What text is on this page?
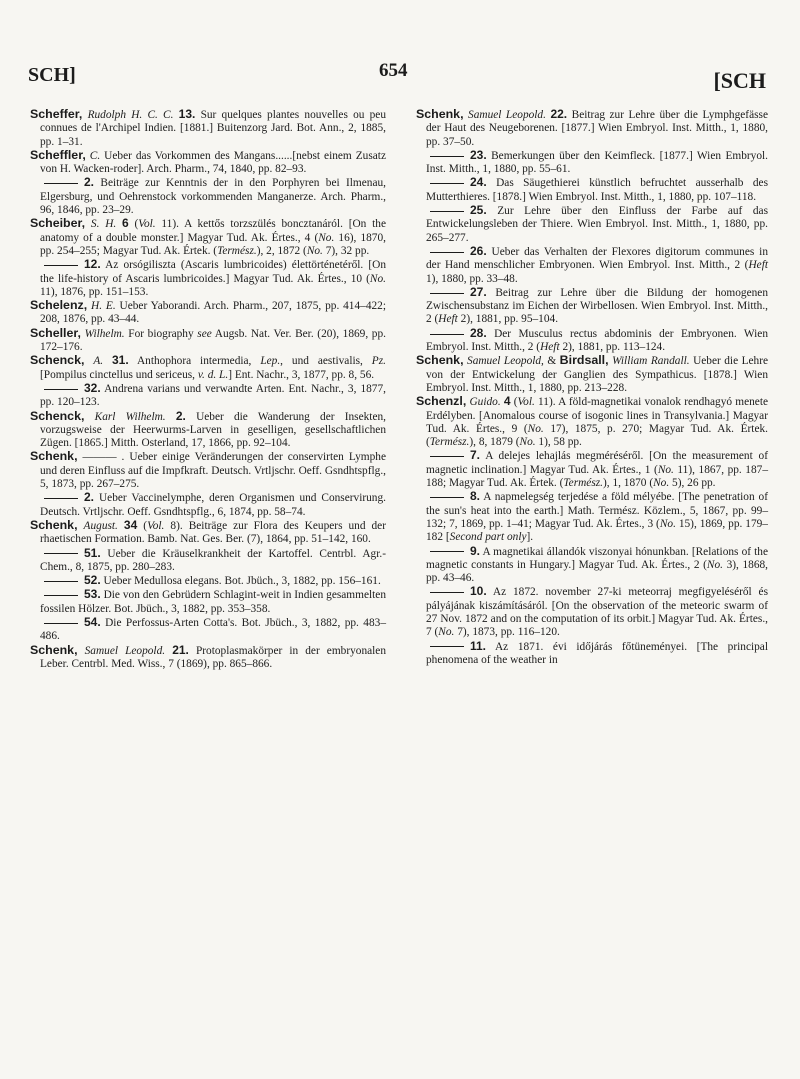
SCH]	654	[SCH

Scheffer, Rudolph H. C. C. 13. Sur quelques plantes nouvelles ou peu connues de l'Archipel Indien. [1881.] Buitenzorg Jard. Bot. Ann., 2, 1885, pp. 1–31.

Scheffler, C. Ueber das Vorkommen des Mangans......[nebst einem Zusatz von H. Wacken-roder]. Arch. Pharm., 74, 1840, pp. 82–93.

2. Beiträge zur Kenntnis der in den Porphyren bei Ilmenau, Elgersburg, und Oehrenstock vorkommenden Manganerze. Arch. Pharm., 96, 1846, pp. 23–29.

Scheiber, S. H. 6 (Vol. 11). A kettős torzszülés boncztanáról. [On the anatomy of a double monster.] Magyar Tud. Ak. Értes., 4 (No. 16), 1870, pp. 254–255; Magyar Tud. Ak. Értek. (Termész.), 2, 1872 (No. 7), 32 pp.

12. Az orsógiliszta (Ascaris lumbricoides) élettörténetéről. [On the life-history of Ascaris lumbricoides.] Magyar Tud. Ak. Értes., 10 (No. 11), 1876, pp. 151–153.

Schelenz, H. E. Ueber Yaborandi. Arch. Pharm., 207, 1875, pp. 414–422; 208, 1876, pp. 43–44.

Scheller, Wilhelm. For biography see Augsb. Nat. Ver. Ber. (20), 1869, pp. 172–176.

Schenck, A. 31. Anthophora intermedia, Lep., und aestivalis, Pz. [Pompilus cinctellus und sericeus, v. d. L.] Ent. Nachr., 3, 1877, pp. 8, 56.

32. Andrena varians und verwandte Arten. Ent. Nachr., 3, 1877, pp. 120–123.

Schenck, Karl Wilhelm. 2. Ueber die Wanderung der Insekten, vorzugsweise der Heerwurms-Larven in geselligen, gesellschaftlichen Zügen. [1865.] Mitth. Osterland, 17, 1866, pp. 92–104.

Schenk, ——— . Ueber einige Veränderungen der conservirten Lymphe und deren Einfluss auf die Impfkraft. Deutsch. Vrtljschr. Oeff. Gsndhtspflg., 5, 1873, pp. 267–275.

2. Ueber Vaccinelymphe, deren Organismen und Conservirung. Deutsch. Vrtljschr. Oeff. Gsndhtspflg., 6, 1874, pp. 58–74.

Schenk, August. 34 (Vol. 8). Beiträge zur Flora des Keupers und der rhaetischen Formation. Bamb. Nat. Ges. Ber. (7), 1864, pp. 51–142, 160.

51. Ueber die Kräuselkrankheit der Kartoffel. Centrbl. Agr.-Chem., 8, 1875, pp. 280–283.

52. Ueber Medullosa elegans. Bot. Jbüch., 3, 1882, pp. 156–161.

53. Die von den Gebrüdern Schlagint-weit in Indien gesammelten fossilen Hölzer. Bot. Jbüch., 3, 1882, pp. 353–358.

54. Die Perfossus-Arten Cotta's. Bot. Jbüch., 3, 1882, pp. 483–486.

Schenk, Samuel Leopold. 21. Protoplasmakörper in der embryonalen Leber. Centrbl. Med. Wiss., 7 (1869), pp. 865–866.

Schenk, Samuel Leopold. 22. Beitrag zur Lehre über die Lymphgefässe der Haut des Neugeborenen. [1877.] Wien Embryol. Inst. Mitth., 1, 1880, pp. 37–50.

23. Bemerkungen über den Keimfleck. [1877.] Wien Embryol. Inst. Mitth., 1, 1880, pp. 55–61.

24. Das Säugethierei künstlich befruchtet ausserhalb des Mutterthieres. [1878.] Wien Embryol. Inst. Mitth., 1, 1880, pp. 107–118.

25. Zur Lehre über den Einfluss der Farbe auf das Entwickelungsleben der Thiere. Wien Embryol. Inst. Mitth., 1, 1880, pp. 265–277.

26. Ueber das Verhalten der Flexores digitorum communes in der Hand menschlicher Embryonen. Wien Embryol. Inst. Mitth., 2 (Heft 1), 1880, pp. 33–48.

27. Beitrag zur Lehre über die Bildung der homogenen Zwischensubstanz im Eichen der Wirbellosen. Wien Embryol. Inst. Mitth., 2 (Heft 2), 1881, pp. 95–104.

28. Der Musculus rectus abdominis der Embryonen. Wien Embryol. Inst. Mitth., 2 (Heft 2), 1881, pp. 113–124.

Schenk, Samuel Leopold, & Birdsall, William Randall. Ueber die Lehre von der Entwickelung der Ganglien des Sympathicus. [1878.] Wien Embryol. Inst. Mitth., 1, 1880, pp. 213–228.

Schenzl, Guido. 4 (Vol. 11). A föld-magnetikai vonalok rendhagyó menete Erdélyben. [Anomalous course of isogonic lines in Transylvania.] Magyar Tud. Ak. Értes., 9 (No. 17), 1875, p. 270; Magyar Tud. Ak. Értek. (Termész.), 8, 1879 (No. 1), 58 pp.

7. A delejes lehajlás megméréséről. [On the measurement of magnetic inclination.] Magyar Tud. Ak. Értes., 1 (No. 11), 1867, pp. 187–188; Magyar Tud. Ak. Értek. (Termész.), 1, 1870 (No. 5), 26 pp.

8. A napmelegség terjedése a föld mélyébe. [The penetration of the sun's heat into the earth.] Math. Termész. Közlem., 5, 1867, pp. 99–132; 7, 1869, pp. 1–41; Magyar Tud. Ak. Értes., 3 (No. 15), 1869, pp. 179–182 [Second part only].

9. A magnetikai állandók viszonyai hónunkban. [Relations of the magnetic constants in Hungary.] Magyar Tud. Ak. Értes., 2 (No. 3), 1868, pp. 43–46.

10. Az 1872. november 27-ki meteorraj megfigyeléséről és pályájának kiszámításáról. [On the observation of the meteoric swarm of 27 Nov. 1872 and on the computation of its orbit.] Magyar Tud. Ak. Értes., 7 (No. 7), 1873, pp. 116–120.

11. Az 1871. évi időjárás főtüneményei. [The principal phenomena of the weather in
